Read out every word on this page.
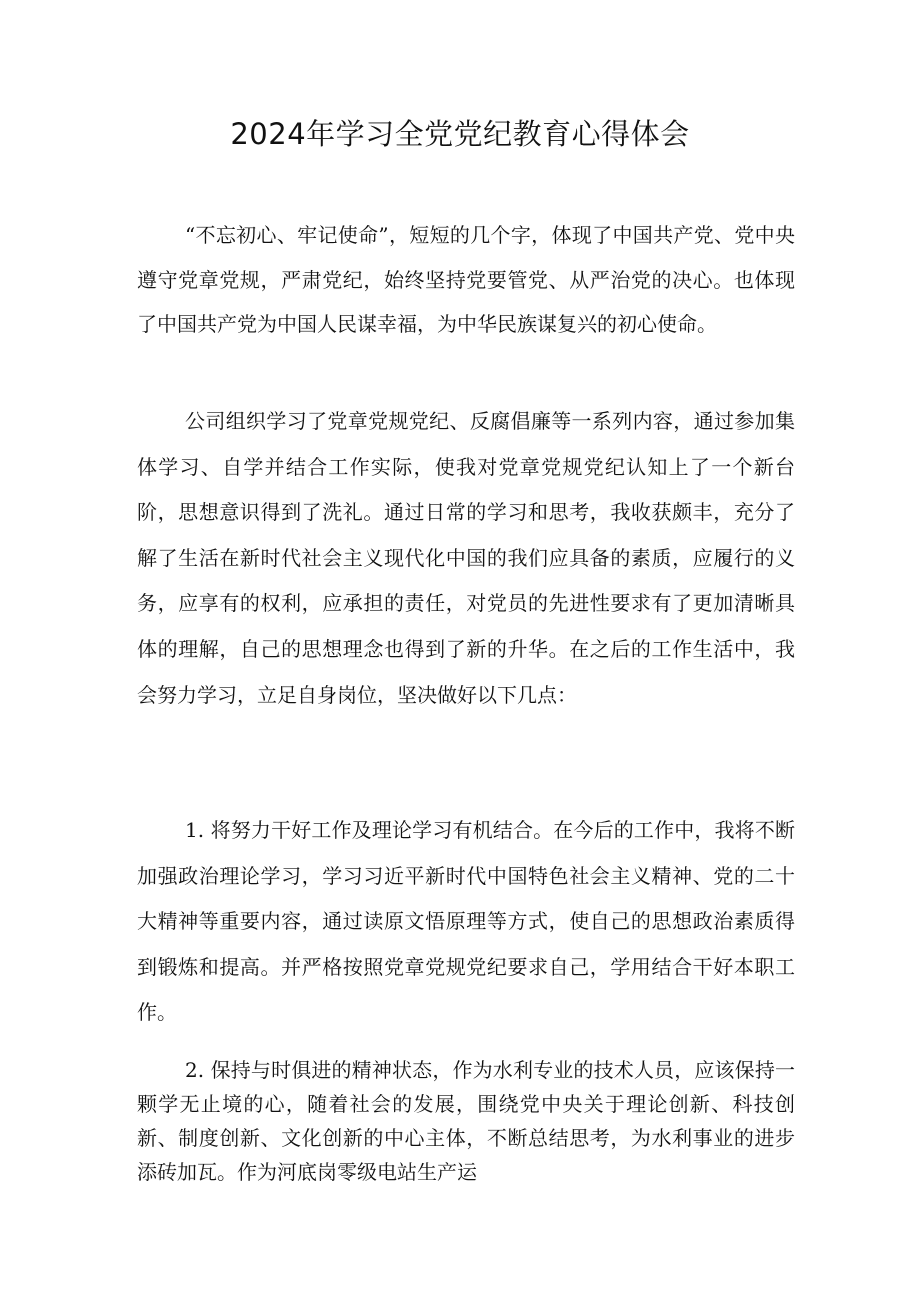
2024年学习全党党纪教育心得体会

“不忘初心、牢记使命”，短短的几个字，体现了中国共产党、党中央遵守党章党规，严肃党纪，始终坚持党要管党、从严治党的决心。也体现了中国共产党为中国人民谋幸福，为中华民族谋复兴的初心使命。

公司组织学习了党章党规党纪、反腐倡廉等一系列内容，通过参加集体学习、自学并结合工作实际，使我对党章党规党纪认知上了一个新台阶，思想意识得到了洗礼。通过日常的学习和思考，我收获颇丰，充分了解了生活在新时代社会主义现代化中国的我们应具备的素质，应履行的义务，应享有的权利，应承担的责任，对党员的先进性要求有了更加清晰具体的理解，自己的思想理念也得到了新的升华。在之后的工作生活中，我会努力学习，立足自身岗位，坚决做好以下几点：

1. 将努力干好工作及理论学习有机结合。在今后的工作中，我将不断加强政治理论学习，学习习近平新时代中国特色社会主义精神、党的二十大精神等重要内容，通过读原文悟原理等方式，使自己的思想政治素质得到锻炼和提高。并严格按照党章党规党纪要求自己，学用结合干好本职工作。

2. 保持与时俱进的精神状态，作为水利专业的技术人员，应该保持一颗学无止境的心，随着社会的发展，围绕党中央关于理论创新、科技创新、制度创新、文化创新的中心主体，不断总结思考，为水利事业的进步添砖加瓦。作为河底岗零级电站生产运
